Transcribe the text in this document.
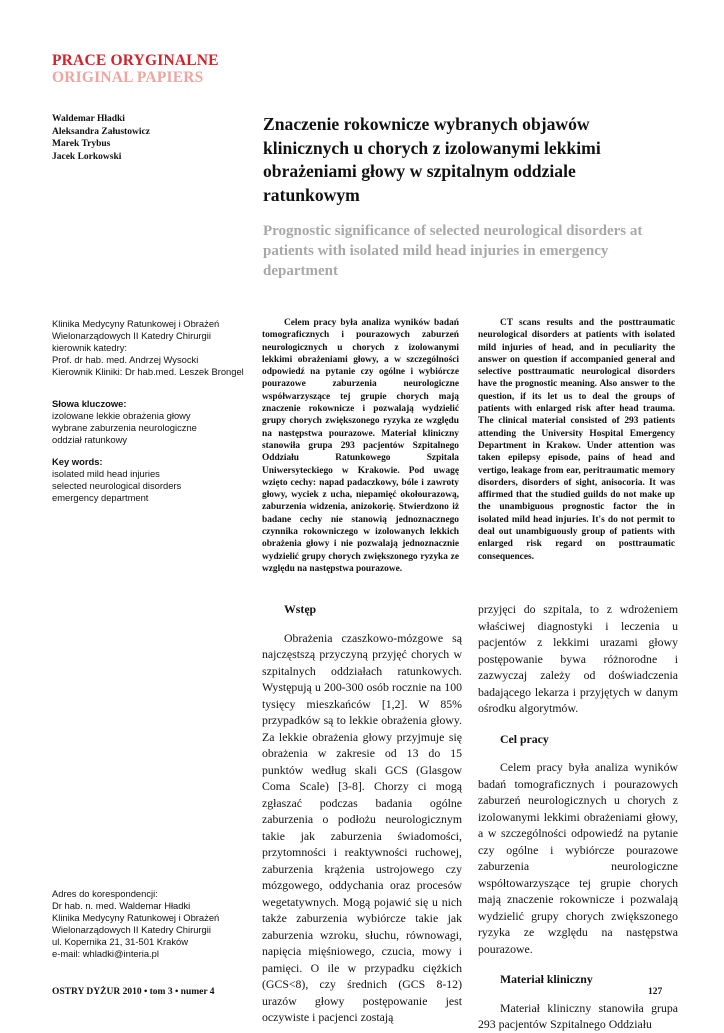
PRACE ORYGINALNE
ORIGINAL PAPIERS
Waldemar Hładki
Aleksandra Załustowicz
Marek Trybus
Jacek Lorkowski
Znaczenie rokownicze wybranych objawów klinicznych u chorych z izolowanymi lekkimi obrażeniami głowy w szpitalnym oddziale ratunkowym
Prognostic significance of selected neurological disorders at patients with isolated mild head injuries in emergency department
Klinika Medycyny Ratunkowej i Obrażeń
Wielonarządowych II Katedry Chirurgii
kierownik katedry:
Prof. dr hab. med. Andrzej Wysocki
Kierownik Kliniki: Dr hab.med. Leszek Brongel
Słowa kluczowe:
izolowane lekkie obrażenia głowy
wybrane zaburzenia neurologiczne
oddział ratunkowy
Key words:
isolated mild head injuries
selected neurological disorders
emergency department
Adres do korespondencji:
Dr hab. n. med. Waldemar Hładki
Klinika Medycyny Ratunkowej i Obrażeń
Wielonarządowych II Katedry Chirurgii
ul. Kopernika 21, 31-501 Kraków
e-mail: whladki@interia.pl

Celem pracy była analiza wyników badań tomograficznych i pourazowych zaburzeń neurologicznych u chorych z izolowanymi lekkimi obrażeniami głowy, a w szczególności odpowiedź na pytanie czy ogólne i wybiórcze pourazowe zaburzenia neurologiczne współwarzyszące tej grupie chorych mają znaczenie rokownicze i pozwalają wydzielić grupy chorych zwiększonego ryzyka ze względu na następstwa pourazowe. Materiał kliniczny stanowiła grupa 293 pacjentów Szpitalnego Oddziału Ratunkowego Szpitala Uniwersyteckiego w Krakowie. Pod uwagę wzięto cechy: napad padaczkowy, bóle i zawroty głowy, wyciek z ucha, niepamięć okołourazową, zaburzenia widzenia, anizokorię. Stwierdzono iż badane cechy nie stanowią jednoznacznego czynnika rokowniczego w izolowanych lekkich obrażenia głowy i nie pozwalają jednoznacznie wydzielić grupy chorych zwiększonego ryzyka ze względu na następstwa pourazowe.

CT scans results and the posttraumatic neurological disorders at patients with isolated mild injuries of head, and in peculiarity the answer on question if accompanied general and selective posttraumatic neurological disorders have the prognostic meaning. Also answer to the question, if its let us to deal the groups of patients with enlarged risk after head trauma. The clinical material consisted of 293 patients attending the University Hospital Emergency Department in Krakow. Under attention was taken epilepsy episode, pains of head and vertigo, leakage from ear, peritraumatic memory disorders, disorders of sight, anisocoria. It was affirmed that the studied guilds do not make up the unambiguous prognostic factor the in isolated mild head injuries. It's do not permit to deal out unambiguously group of patients with enlarged risk regard on posttraumatic consequences.

Wstęp

Obrażenia czaszkowo-mózgowe są najczęstszą przyczyną przyjęć chorych w szpitalnych oddziałach ratunkowych. Występują u 200-300 osób rocznie na 100 tysięcy mieszkańców [1,2]. W 85% przypadków są to lekkie obrażenia głowy. Za lekkie obrażenia głowy przyjmuje się obrażenia w zakresie od 13 do 15 punktów według skali GCS (Glasgow Coma Scale) [3-8]. Chorzy ci mogą zgłaszać podczas badania ogólne zaburzenia o podłożu neurologicznym takie jak zaburzenia świadomości, przytomności i reaktywności ruchowej, zaburzenia krążenia ustrojowego czy mózgowego, oddychania oraz procesów wegetatywnych. Mogą pojawić się u nich także zaburzenia wybiórcze takie jak zaburzenia wzroku, słuchu, równowagi, napięcia mięśniowego, czucia, mowy i pamięci. O ile w przypadku ciężkich (GCS<8), czy średnich (GCS 8-12) urazów głowy postępowanie jest oczywiste i pacjenci zostają

przyjęci do szpitala, to z wdrożeniem właściwej diagnostyki i leczenia u pacjentów z lekkimi urazami głowy postępowanie bywa różnorodne i zazwyczaj zależy od doświadczenia badającego lekarza i przyjętych w danym ośrodku algorytmów.

Cel pracy

Celem pracy była analiza wyników badań tomograficznych i pourazowych zaburzeń neurologicznych u chorych z izolowanymi lekkimi obrażeniami głowy, a w szczególności odpowiedź na pytanie czy ogólne i wybiórcze pourazowe zaburzenia neurologiczne współtowarzyszące tej grupie chorych mają znaczenie rokownicze i pozwalają wydzielić grupy chorych zwiększonego ryzyka ze względu na następstwa pourazowe.

Materiał kliniczny

Materiał kliniczny stanowiła grupa 293 pacjentów Szpitalnego Oddziału

OSTRY DYŻUR 2010 • tom 3 • numer 4	127
